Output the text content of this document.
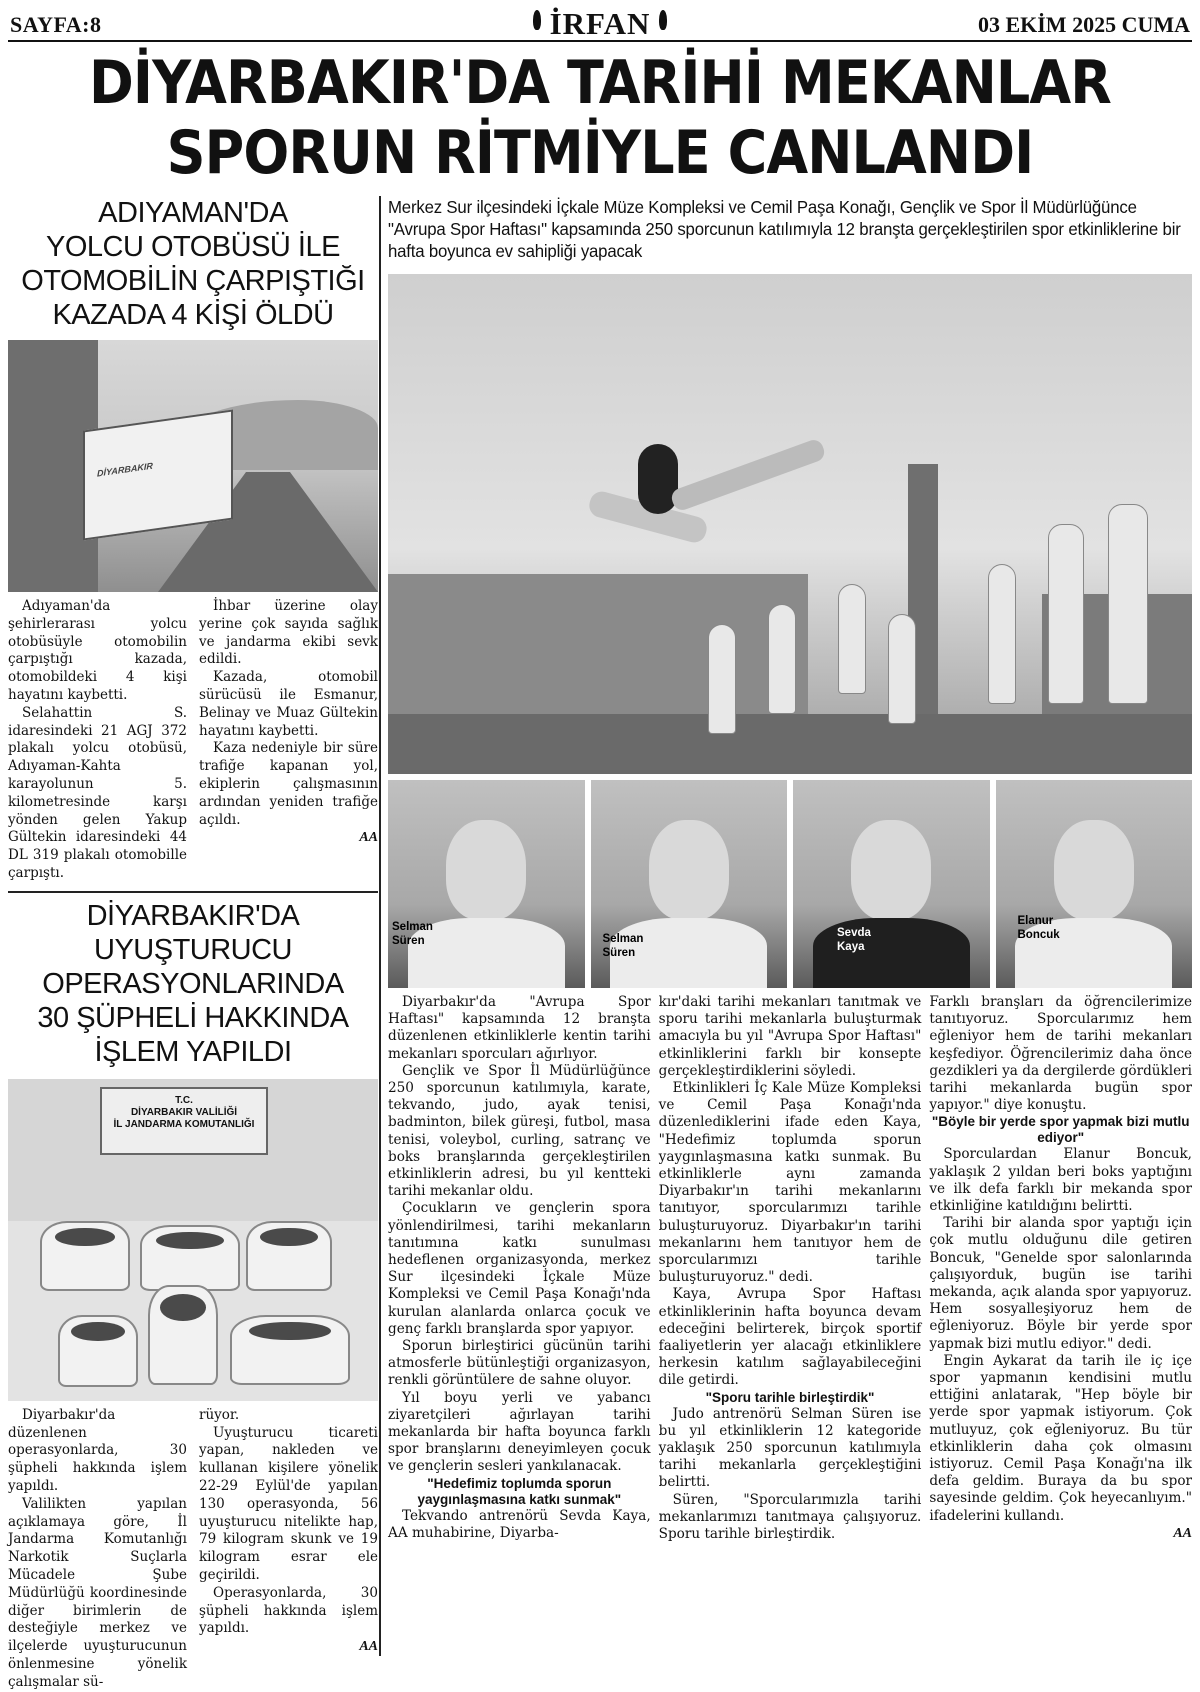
SAYFA:8	İRFAN	03 EKİM 2025 CUMA
DİYARBAKIR'DA TARİHİ MEKANLAR
SPORUN RİTMİYLE CANLANDI
ADIYAMAN'DA
YOLCU OTOBÜSÜ İLE
OTOMOBİLİN ÇARPIŞTIĞI
KAZADA 4 KİŞİ ÖLDÜ
DİYARBAKIR

Adıyaman'da şehirlerarası yolcu otobüsüyle otomobilin çarpıştığı kazada, otomobildeki 4 kişi hayatını kaybetti.

Selahattin S. idaresindeki 21 AGJ 372 plakalı yolcu otobüsü, Adıyaman-Kahta karayolunun 5. kilometresinde karşı yönden gelen Yakup Gültekin idaresindeki 44 DL 319 plakalı otomobille çarpıştı.

İhbar üzerine olay yerine çok sayıda sağlık ve jandarma ekibi sevk edildi.

Kazada, otomobil sürücüsü ile Esmanur, Belinay ve Muaz Gültekin hayatını kaybetti.

Kaza nedeniyle bir süre trafiğe kapanan yol, ekiplerin çalışmasının ardından yeniden trafiğe açıldı.

AA
DİYARBAKIR'DA
UYUŞTURUCU
OPERASYONLARINDA
30 ŞÜPHELİ HAKKINDA
İŞLEM YAPILDI
T.C.
DİYARBAKIR VALİLİĞİ
İL JANDARMA KOMUTANLIĞI

Diyarbakır'da düzenlenen operasyonlarda, 30 şüpheli hakkında işlem yapıldı.

Valilikten yapılan açıklamaya göre, İl Jandarma Komutanlığı Narkotik Suçlarla Mücadele Şube Müdürlüğü koordinesinde diğer birimlerin de desteğiyle merkez ve ilçelerde uyuşturucunun önlenmesine yönelik çalışmalar sü-

rüyor.

Uyuşturucu ticareti yapan, nakleden ve kullanan kişilere yönelik 22-29 Eylül'de yapılan 130 operasyonda, 56 uyuşturucu nitelikte hap, 79 kilogram skunk ve 19 kilogram esrar ele geçirildi.

Operasyonlarda, 30 şüpheli hakkında işlem yapıldı.

AA
Merkez Sur ilçesindeki İçkale Müze Kompleksi ve Cemil Paşa Konağı, Gençlik ve Spor İl Müdürlüğünce "Avrupa Spor Haftası" kapsamında 250 sporcunun katılımıyla 12 branşta gerçekleştirilen spor etkinliklerine bir hafta boyunca ev sahipliği yapacak
Selman
Süren	Selman
Süren
Sevda
Kaya
Elanur
Boncuk

Diyarbakır'da "Avrupa Spor Haftası" kapsamında 12 branşta düzenlenen etkinliklerle kentin tarihi mekanları sporcuları ağırlıyor.

Gençlik ve Spor İl Müdürlüğünce 250 sporcunun katılımıyla, karate, tekvando, judo, ayak tenisi, badminton, bilek güreşi, futbol, masa tenisi, voleybol, curling, satranç ve boks branşlarında gerçekleştirilen etkinliklerin adresi, bu yıl kentteki tarihi mekanlar oldu.

Çocukların ve gençlerin spora yönlendirilmesi, tarihi mekanların tanıtımına katkı sunulması hedeflenen organizasyonda, merkez Sur ilçesindeki İçkale Müze Kompleksi ve Cemil Paşa Konağı'nda kurulan alanlarda onlarca çocuk ve genç farklı branşlarda spor yapıyor.

Sporun birleştirici gücünün tarihi atmosferle bütünleştiği organizasyon, renkli görüntülere de sahne oluyor.

Yıl boyu yerli ve yabancı ziyaretçileri ağırlayan tarihi mekanlarda bir hafta boyunca farklı spor branşlarını deneyimleyen çocuk ve gençlerin sesleri yankılanacak.

"Hedefimiz toplumda sporun yaygınlaşmasına katkı sunmak"

Tekvando antrenörü Sevda Kaya, AA muhabirine, Diyarba-

kır'daki tarihi mekanları tanıtmak ve sporu tarihi mekanlarla buluşturmak amacıyla bu yıl "Avrupa Spor Haftası" etkinliklerini farklı bir konsepte gerçekleştirdiklerini söyledi.

Etkinlikleri İç Kale Müze Kompleksi ve Cemil Paşa Konağı'nda düzenlediklerini ifade eden Kaya, "Hedefimiz toplumda sporun yaygınlaşmasına katkı sunmak. Bu etkinliklerle aynı zamanda Diyarbakır'ın tarihi mekanlarını tanıtıyor, sporcularımızı tarihle buluşturuyoruz. Diyarbakır'ın tarihi mekanlarını hem tanıtıyor hem de sporcularımızı tarihle buluşturuyoruz." dedi.

Kaya, Avrupa Spor Haftası etkinliklerinin hafta boyunca devam edeceğini belirterek, birçok sportif faaliyetlerin yer alacağı etkinliklere herkesin katılım sağlayabileceğini dile getirdi.

"Sporu tarihle birleştirdik"

Judo antrenörü Selman Süren ise bu yıl etkinliklerin 12 kategoride yaklaşık 250 sporcunun katılımıyla tarihi mekanlarla gerçekleştiğini belirtti.

Süren, "Sporcularımızla tarihi mekanlarımızı tanıtmaya çalışıyoruz. Sporu tarihle birleştirdik.

Farklı branşları da öğrencilerimize tanıtıyoruz. Sporcularımız hem eğleniyor hem de tarihi mekanları keşfediyor. Öğrencilerimiz daha önce gezdikleri ya da dergilerde gördükleri tarihi mekanlarda bugün spor yapıyor." diye konuştu.

"Böyle bir yerde spor yapmak bizi mutlu ediyor"

Sporculardan Elanur Boncuk, yaklaşık 2 yıldan beri boks yaptığını ve ilk defa farklı bir mekanda spor etkinliğine katıldığını belirtti.

Tarihi bir alanda spor yaptığı için çok mutlu olduğunu dile getiren Boncuk, "Genelde spor salonlarında çalışıyorduk, bugün ise tarihi mekanda, açık alanda spor yapıyoruz. Hem sosyalleşiyoruz hem de eğleniyoruz. Böyle bir yerde spor yapmak bizi mutlu ediyor." dedi.

Engin Aykarat da tarih ile iç içe spor yapmanın kendisini mutlu ettiğini anlatarak, "Hep böyle bir yerde spor yapmak istiyorum. Çok mutluyuz, çok eğleniyoruz. Bu tür etkinliklerin daha çok olmasını istiyoruz. Cemil Paşa Konağı'na ilk defa geldim. Buraya da bu spor sayesinde geldim. Çok heyecanlıyım." ifadelerini kullandı.

AA
